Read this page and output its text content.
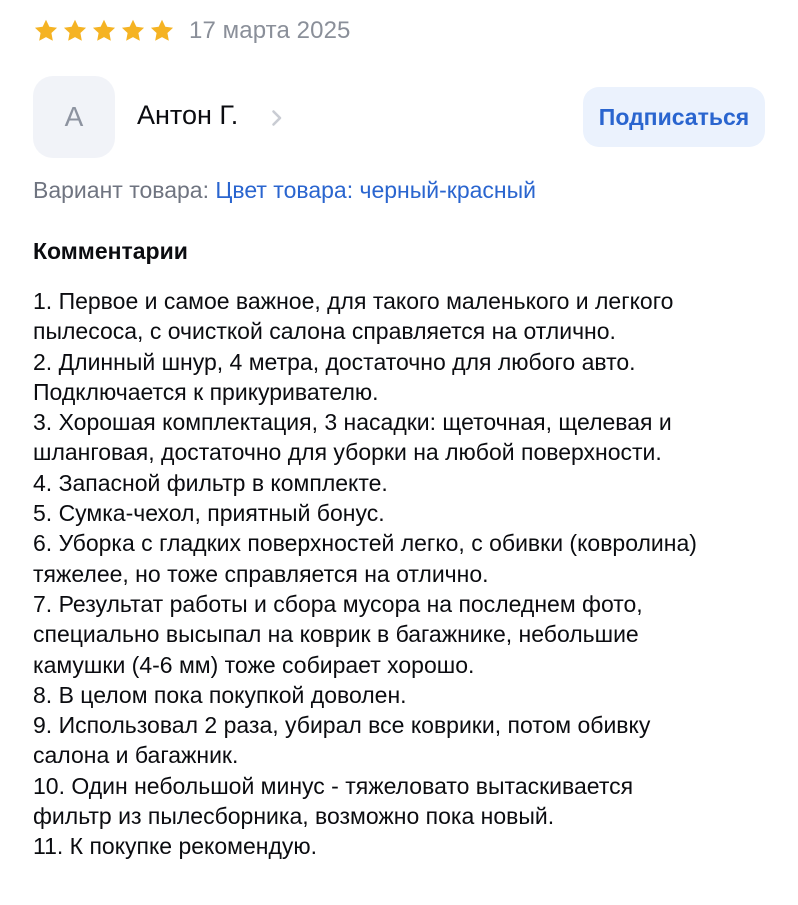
17 марта 2025
А	Антон Г.	Подписаться
Вариант товара: Цвет товара: черный-красный
Комментарии
1. Первое и самое важное, для такого маленького и легкого
пылесоса, с очисткой салона справляется на отлично.
2. Длинный шнур, 4 метра, достаточно для любого авто.
Подключается к прикуривателю.
3. Хорошая комплектация, 3 насадки: щеточная, щелевая и
шланговая, достаточно для уборки на любой поверхности.
4. Запасной фильтр в комплекте.
5. Сумка-чехол, приятный бонус.
6. Уборка с гладких поверхностей легко, с обивки (ковролина)
тяжелее, но тоже справляется на отлично.
7. Результат работы и сбора мусора на последнем фото,
специально высыпал на коврик в багажнике, небольшие
камушки (4-6 мм) тоже собирает хорошо.
8. В целом пока покупкой доволен.
9. Использовал 2 раза, убирал все коврики, потом обивку
салона и багажник.
10. Один небольшой минус - тяжеловато вытаскивается
фильтр из пылесборника, возможно пока новый.
11. К покупке рекомендую.
